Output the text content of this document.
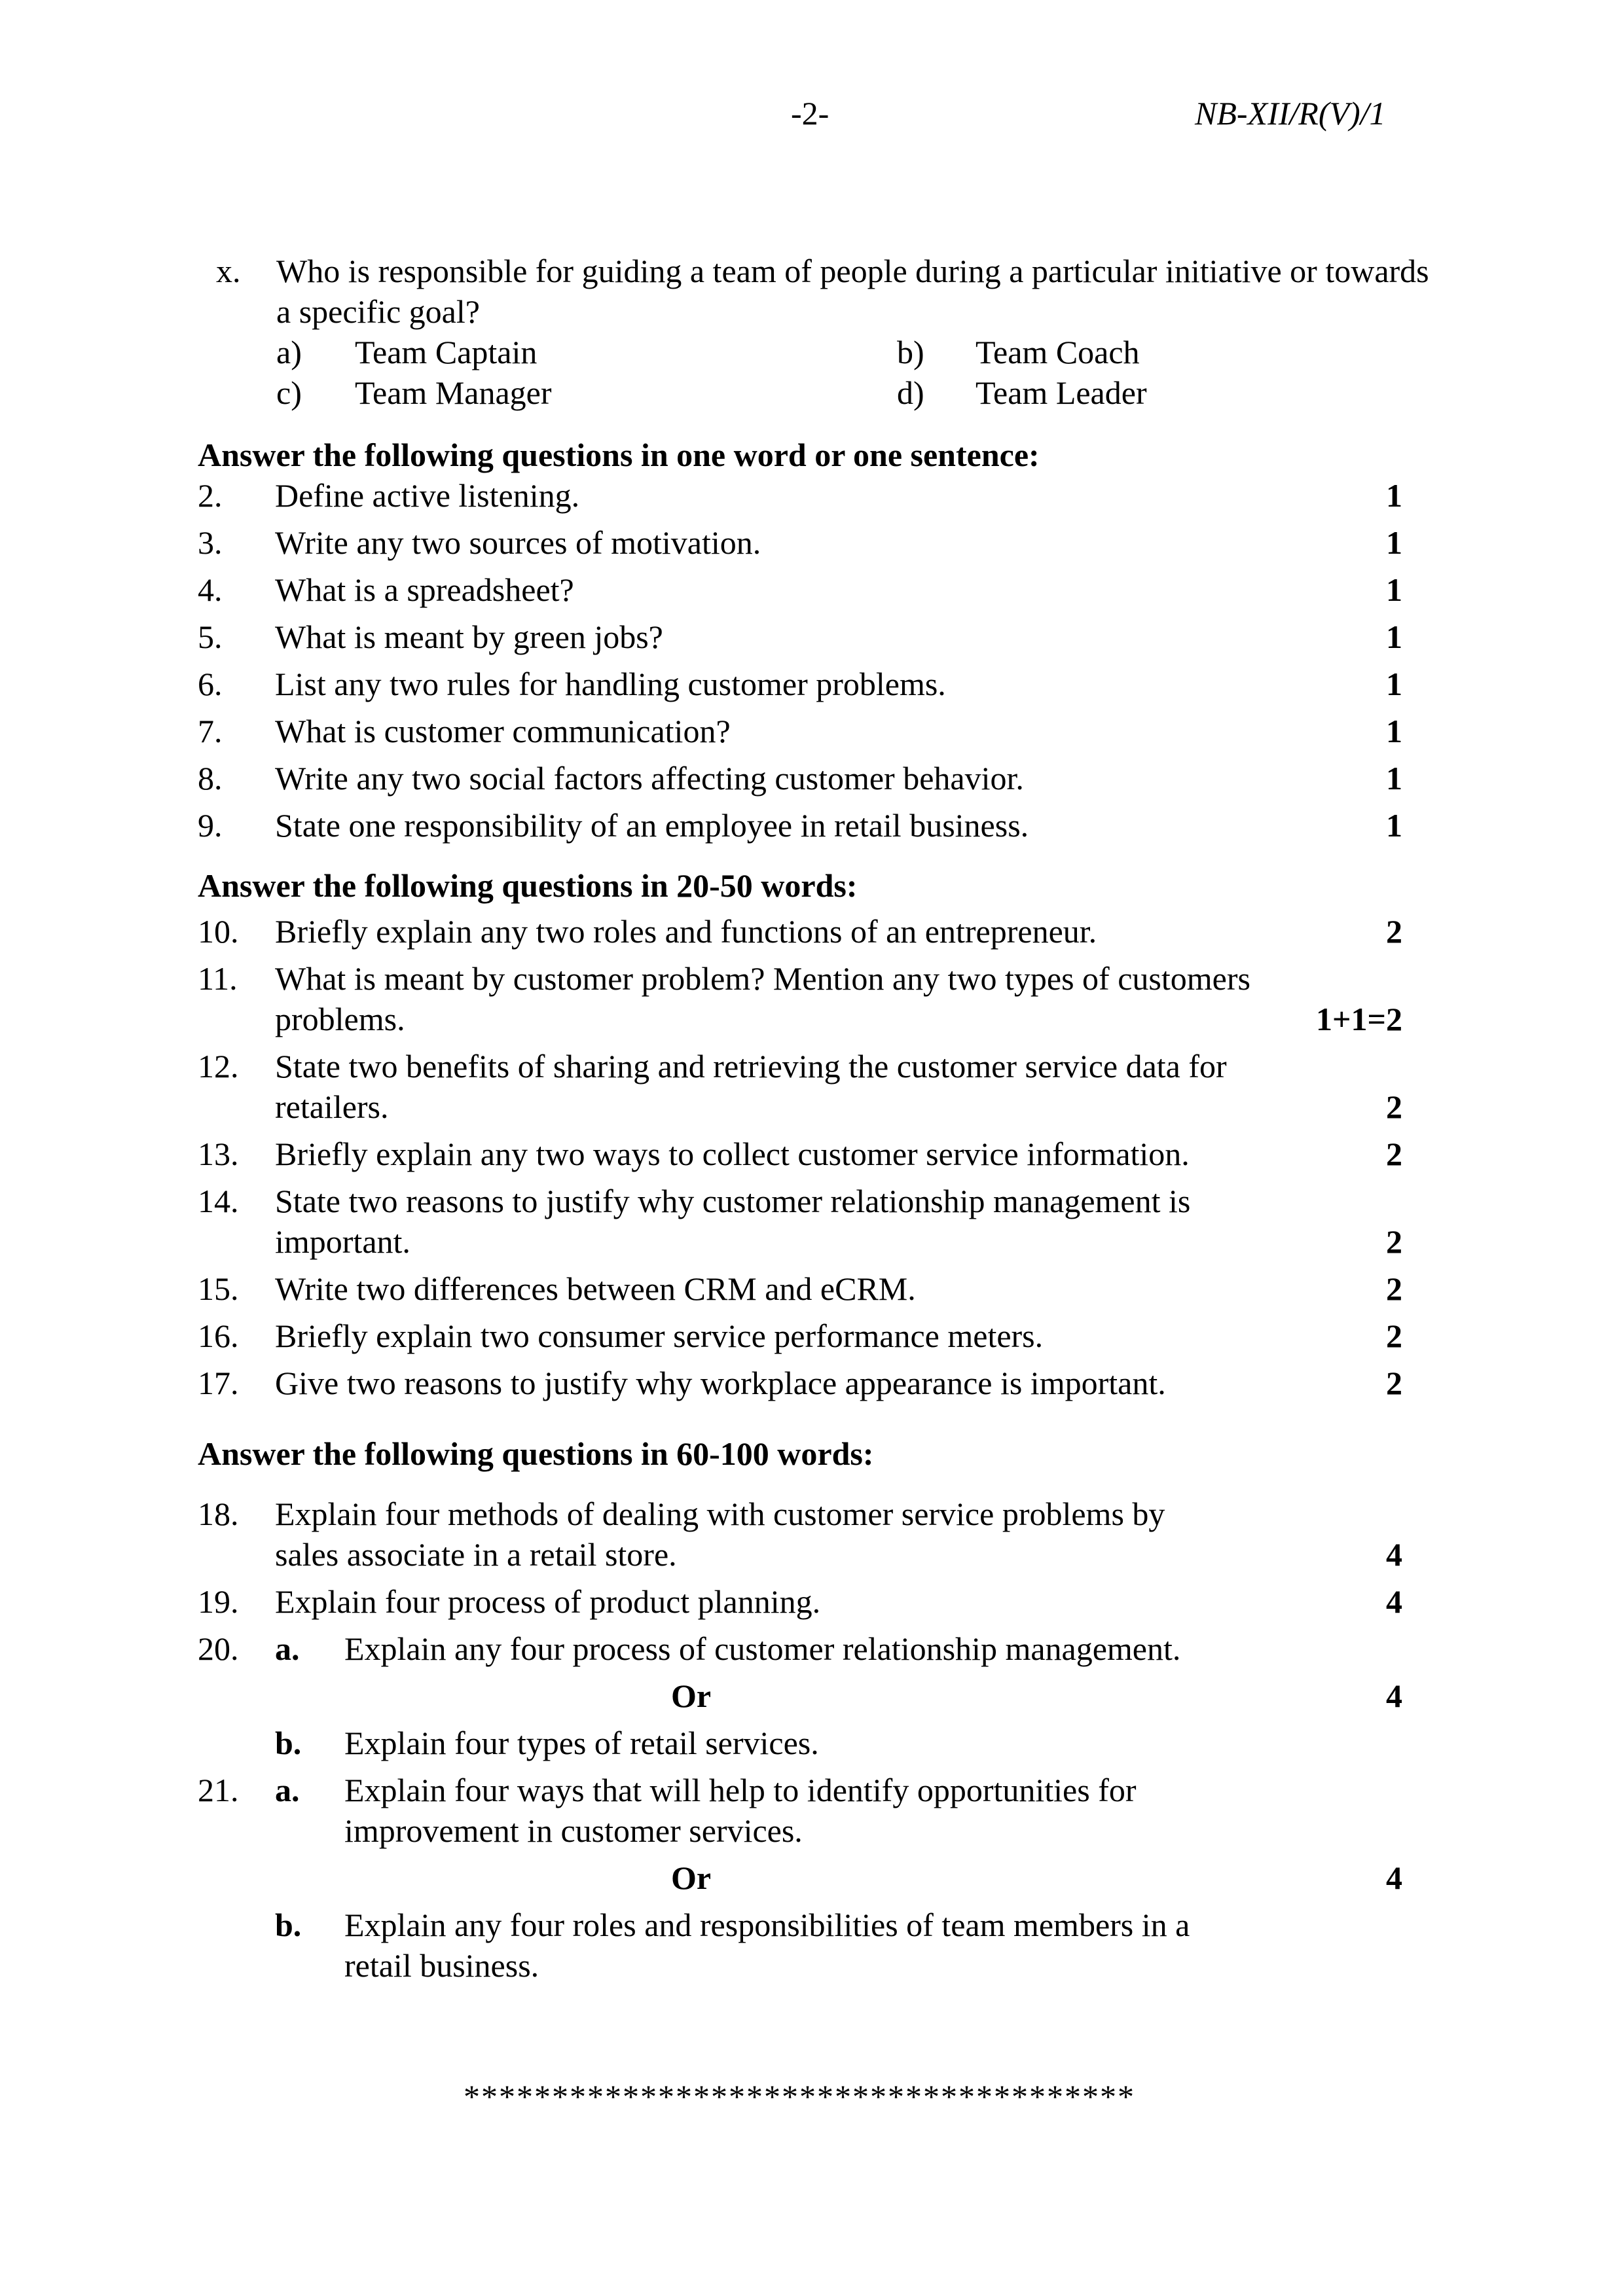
-2-	NB-XII/R(V)/1
x. Who is responsible for guiding a team of people during a particular initiative or towards a specific goal?
a) Team Captain	b) Team Coach
c) Team Manager	d) Team Leader
Answer the following questions in one word or one sentence:
2.	Define active listening.	1
3.	Write any two sources of motivation.	1
4.	What is a spreadsheet?	1
5.	What is meant by green jobs?	1
6.	List any two rules for handling customer problems.	1
7.	What is customer communication?	1
8.	Write any two social factors affecting customer behavior.	1
9.	State one responsibility of an employee in retail business.	1
Answer the following questions in 20-50 words:
10.	Briefly explain any two roles and functions of an entrepreneur.	2
11.	What is meant by customer problem? Mention any two types of customers problems.	1+1=2
12.	State two benefits of sharing and retrieving the customer service data for retailers.	2
13.	Briefly explain any two ways to collect customer service information.	2
14.	State two reasons to justify why customer relationship management is important.	2
15.	Write two differences between CRM and eCRM.	2
16.	Briefly explain two consumer service performance meters.	2
17.	Give two reasons to justify why workplace appearance is important.	2
Answer the following questions in 60-100 words:
18.	Explain four methods of dealing with customer service problems by sales associate in a retail store.	4
19.	Explain four process of product planning.	4
20.	a.	Explain any four process of customer relationship management.
Or	4
b.	Explain four types of retail services.
21.	a.	Explain four ways that will help to identify opportunities for improvement in customer services.
Or	4
b.	Explain any four roles and responsibilities of team members in a retail business.
**************************************
